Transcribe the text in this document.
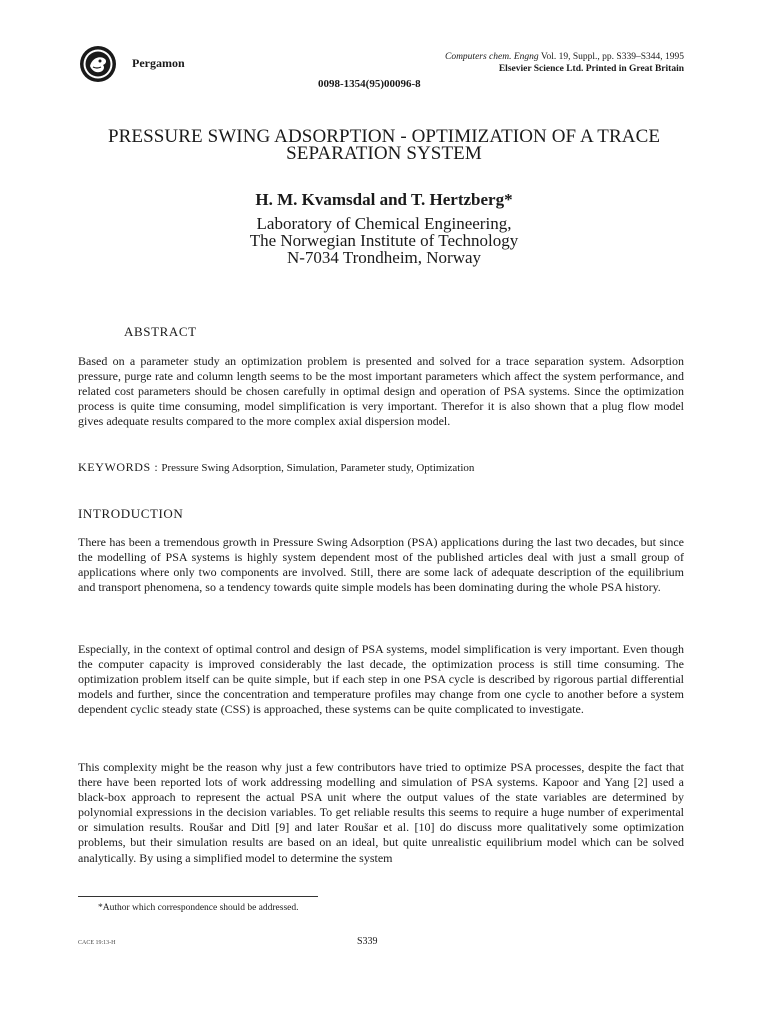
Pergamon	Computers chem. Engng Vol. 19, Suppl., pp. S339–S344, 1995
Elsevier Science Ltd. Printed in Great Britain
0098-1354(95)00096-8
PRESSURE SWING ADSORPTION - OPTIMIZATION OF A TRACE SEPARATION SYSTEM
H. M. Kvamsdal and T. Hertzberg*
Laboratory of Chemical Engineering,
The Norwegian Institute of Technology
N-7034 Trondheim, Norway
ABSTRACT
Based on a parameter study an optimization problem is presented and solved for a trace separation system. Adsorption pressure, purge rate and column length seems to be the most important parameters which affect the system performance, and related cost parameters should be chosen carefully in optimal design and operation of PSA systems. Since the optimization process is quite time consuming, model simplification is very important. Therefor it is also shown that a plug flow model gives adequate results compared to the more complex axial dispersion model.
KEYWORDS : Pressure Swing Adsorption, Simulation, Parameter study, Optimization
INTRODUCTION
There has been a tremendous growth in Pressure Swing Adsorption (PSA) applications during the last two decades, but since the modelling of PSA systems is highly system dependent most of the published articles deal with just a small group of applications where only two components are involved. Still, there are some lack of adequate description of the equilibrium and transport phenomena, so a tendency towards quite simple models has been dominating during the whole PSA history.
Especially, in the context of optimal control and design of PSA systems, model simplification is very important. Even though the computer capacity is improved considerably the last decade, the optimization process is still time consuming. The optimization problem itself can be quite simple, but if each step in one PSA cycle is described by rigorous partial differential models and further, since the concentration and temperature profiles may change from one cycle to another before a system dependent cyclic steady state (CSS) is approached, these systems can be quite complicated to investigate.
This complexity might be the reason why just a few contributors have tried to optimize PSA processes, despite the fact that there have been reported lots of work addressing modelling and simulation of PSA systems. Kapoor and Yang [2] used a black-box approach to represent the actual PSA unit where the output values of the state variables are determined by polynomial expressions in the decision variables. To get reliable results this seems to require a huge number of experimental or simulation results. Roušar and Ditl [9] and later Roušar et al. [10] do discuss more qualitatively some optimization problems, but their simulation results are based on an ideal, but quite unrealistic equilibrium model which can be solved analytically. By using a simplified model to determine the system
*Author which correspondence should be addressed.
CACE 19:13-H	S339
